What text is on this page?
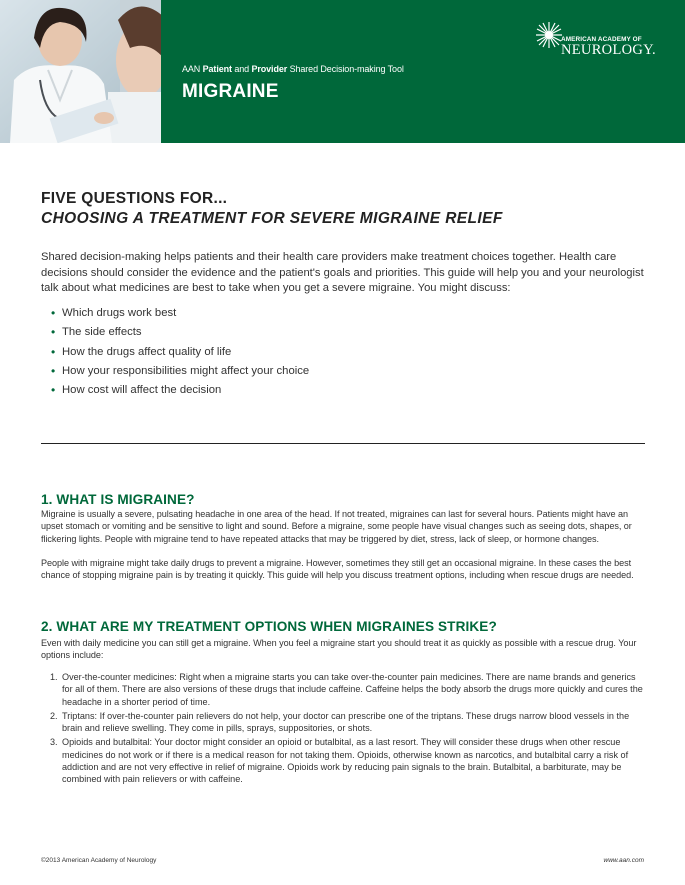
AAN Patient and Provider Shared Decision-making Tool
MIGRAINE
AMERICAN ACADEMY OF
NEUROLOGY.
FIVE QUESTIONS FOR...
CHOOSING A TREATMENT FOR SEVERE MIGRAINE RELIEF
Shared decision-making helps patients and their health care providers make treatment choices together. Health care decisions should consider the evidence and the patient's goals and priorities. This guide will help you and your neurologist talk about what medicines are best to take when you get a severe migraine. You might discuss:
• Which drugs work best
• The side effects
• How the drugs affect quality of life
• How your responsibilities might affect your choice
• How cost will affect the decision
1. WHAT IS MIGRAINE?
Migraine is usually a severe, pulsating headache in one area of the head. If not treated, migraines can last for several hours. Patients might have an upset stomach or vomiting and be sensitive to light and sound. Before a migraine, some people have visual changes such as seeing dots, shapes, or flickering lights. People with migraine tend to have repeated attacks that may be triggered by diet, stress, lack of sleep, or hormone changes.
People with migraine might take daily drugs to prevent a migraine. However, sometimes they still get an occasional migraine. In these cases the best chance of stopping migraine pain is by treating it quickly. This guide will help you discuss treatment options, including when rescue drugs are needed.
2. WHAT ARE MY TREATMENT OPTIONS WHEN MIGRAINES STRIKE?
Even with daily medicine you can still get a migraine. When you feel a migraine start you should treat it as quickly as possible with a rescue drug. Your options include:
1. Over-the-counter medicines: Right when a migraine starts you can take over-the-counter pain medicines. There are name brands and generics for all of them. There are also versions of these drugs that include caffeine. Caffeine helps the body absorb the drugs more quickly and cures the headache in a shorter period of time.
2. Triptans: If over-the-counter pain relievers do not help, your doctor can prescribe one of the triptans. These drugs narrow blood vessels in the brain and relieve swelling. They come in pills, sprays, suppositories, or shots.
3. Opioids and butalbital: Your doctor might consider an opioid or butalbital, as a last resort. They will consider these drugs when other rescue medicines do not work or if there is a medical reason for not taking them. Opioids, otherwise known as narcotics, and butalbital carry a risk of addiction and are not very effective in relief of migraine. Opioids work by reducing pain signals to the brain. Butalbital, a barbiturate, may be combined with pain relievers or with caffeine.
©2013 American Academy of Neurology	www.aan.com
